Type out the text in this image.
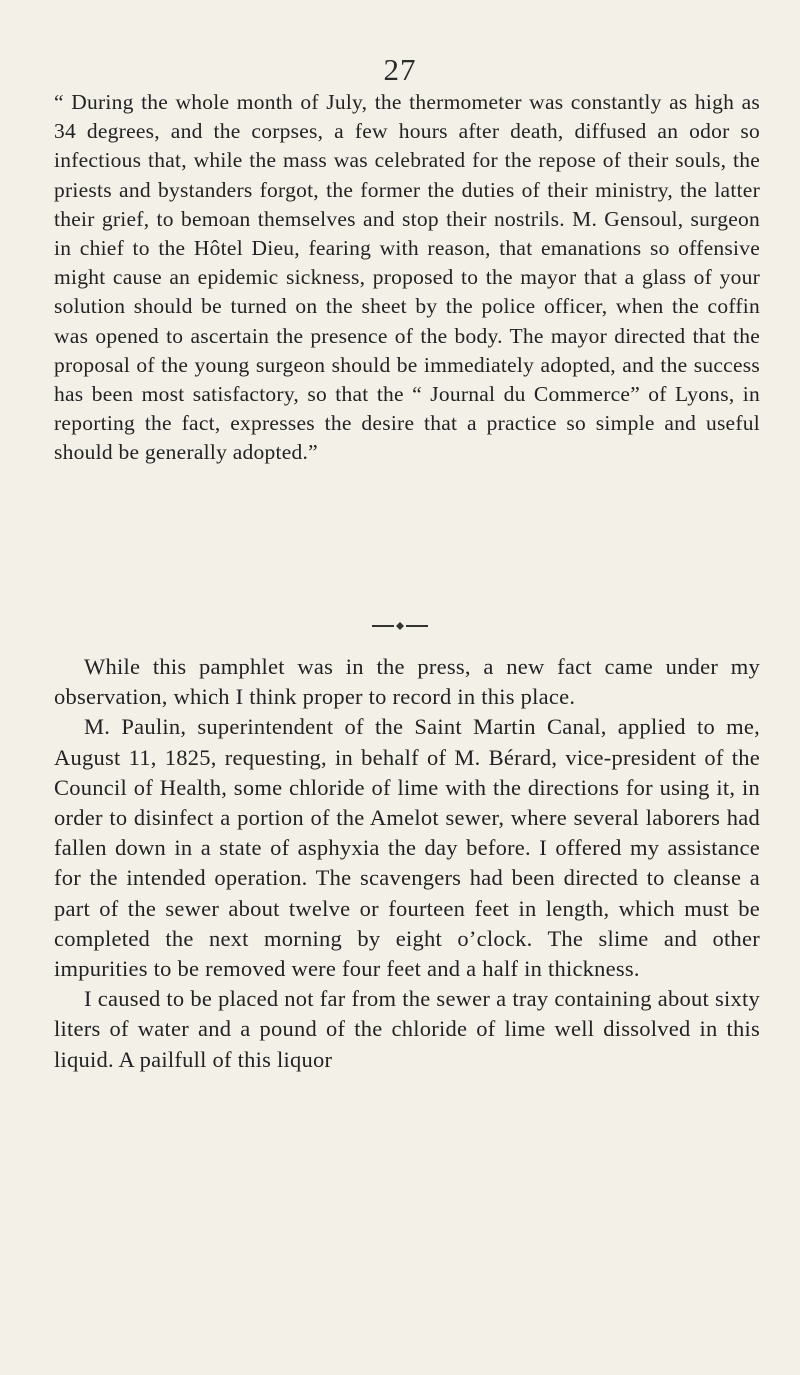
27

“ During the whole month of July, the thermometer was constantly as high as 34 degrees, and the corpses, a few hours after death, diffused an odor so infectious that, while the mass was celebrated for the repose of their souls, the priests and bystanders forgot, the former the duties of their ministry, the latter their grief, to bemoan themselves and stop their nostrils. M. Gensoul, surgeon in chief to the Hôtel Dieu, fearing with reason, that emanations so offensive might cause an epidemic sickness, proposed to the mayor that a glass of your solution should be turned on the sheet by the police officer, when the coffin was opened to ascertain the presence of the body. The mayor directed that the proposal of the young surgeon should be immediately adopted, and the success has been most satisfactory, so that the “ Journal du Commerce” of Lyons, in reporting the fact, expresses the desire that a practice so simple and useful should be generally adopted.”

While this pamphlet was in the press, a new fact came under my observation, which I think proper to record in this place.

M. Paulin, superintendent of the Saint Martin Canal, applied to me, August 11, 1825, requesting, in behalf of M. Bérard, vice-president of the Council of Health, some chloride of lime with the directions for using it, in order to disinfect a portion of the Amelot sewer, where several laborers had fallen down in a state of asphyxia the day before. I offered my assistance for the intended operation. The scavengers had been directed to cleanse a part of the sewer about twelve or fourteen feet in length, which must be completed the next morning by eight o’clock. The slime and other impurities to be removed were four feet and a half in thickness.

I caused to be placed not far from the sewer a tray containing about sixty liters of water and a pound of the chloride of lime well dissolved in this liquid. A pailfull of this liquor
